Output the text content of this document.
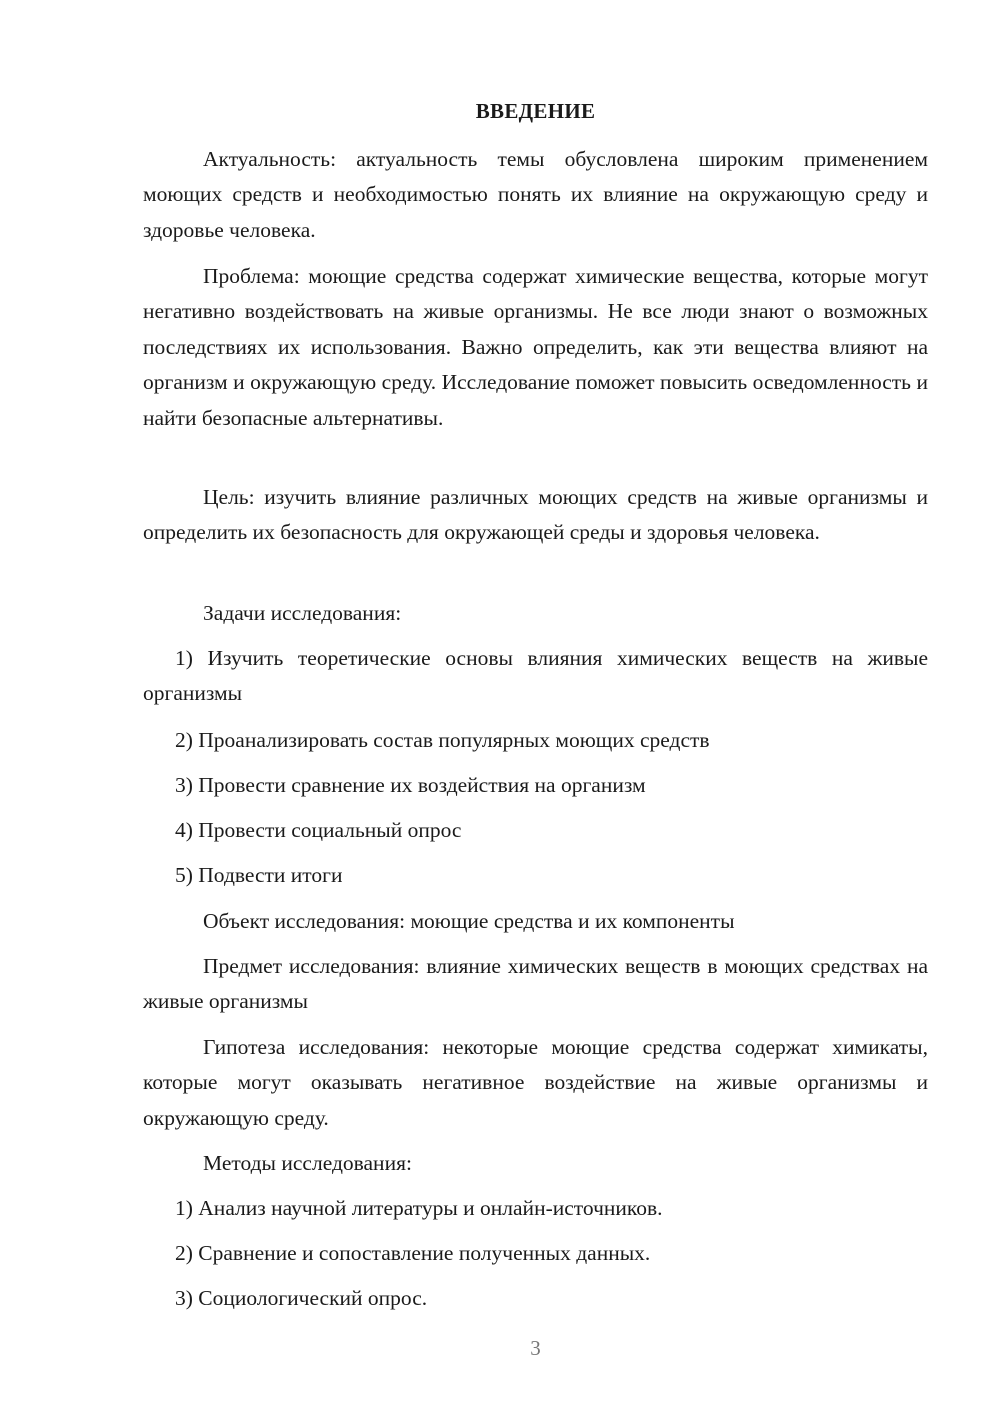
ВВЕДЕНИЕ

Актуальность: актуальность темы обусловлена широким применением моющих средств и необходимостью понять их влияние на окружающую среду и здоровье человека.

Проблема: моющие средства содержат химические вещества, которые могут негативно воздействовать на живые организмы. Не все люди знают о возможных последствиях их использования. Важно определить, как эти вещества влияют на организм и окружающую среду. Исследование поможет повысить осведомленность и найти безопасные альтернативы.

Цель: изучить влияние различных моющих средств на живые организмы и определить их безопасность для окружающей среды и здоровья человека.

Задачи исследования:

1) Изучить теоретические основы влияния химических веществ на живые организмы

2) Проанализировать состав популярных моющих средств

3) Провести сравнение их воздействия на организм

4) Провести социальный опрос

5) Подвести итоги

Объект исследования: моющие средства и их компоненты

Предмет исследования: влияние химических веществ в моющих средствах на живые организмы

Гипотеза исследования: некоторые моющие средства содержат химикаты, которые могут оказывать негативное воздействие на живые организмы и окружающую среду.

Методы исследования:

1) Анализ научной литературы и онлайн-источников.

2) Сравнение и сопоставление полученных данных.

3) Социологический опрос.

3
